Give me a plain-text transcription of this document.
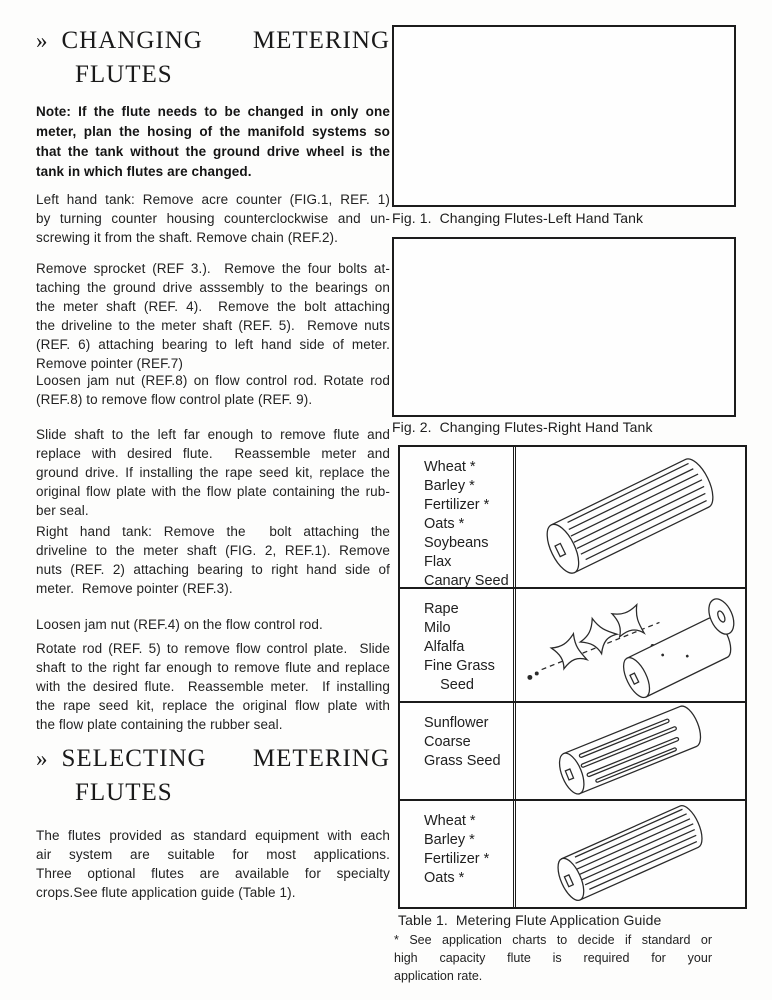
» CHANGING METERING
FLUTES
Note: If the flute needs to be changed in only one
meter, plan the hosing of the manifold systems so
that the tank without the ground drive wheel is the
tank in which flutes are changed.
Left hand tank: Remove acre counter (FIG.1, REF. 1)
by turning counter housing counterclockwise and un-
screwing it from the shaft. Remove chain (REF.2).
Remove sprocket (REF 3.).  Remove the four bolts at-
taching the ground drive asssembly to the bearings on
the meter shaft (REF. 4).  Remove the bolt attaching
the driveline to the meter shaft (REF. 5).  Remove nuts
(REF. 6) attaching bearing to left hand side of meter.
Remove pointer (REF.7)
Loosen jam nut (REF.8) on flow control rod. Rotate rod
(REF.8) to remove flow control plate (REF. 9).
Slide shaft to the left far enough to remove flute and
replace with desired flute.  Reassemble meter and
ground drive. If installing the rape seed kit, replace the
original flow plate with the flow plate containing the rub-
ber seal.
Right hand tank: Remove the  bolt attaching the
driveline to the meter shaft (FIG. 2, REF.1). Remove
nuts (REF. 2) attaching bearing to right hand side of
meter.  Remove pointer (REF.3).
Loosen jam nut (REF.4) on the flow control rod.
Rotate rod (REF. 5) to remove flow control plate.  Slide
shaft to the right far enough to remove flute and replace
with the desired flute.  Reassemble meter.  If installing
the rape seed kit, replace the original flow plate with
the flow plate containing the rubber seal.
» SELECTING METERING
FLUTES
The flutes provided as standard equipment with each
air system are suitable for most applications.
Three optional flutes are available for specialty
crops.See flute application guide (Table 1).
Fig. 1.  Changing Flutes-Left Hand Tank
Fig. 2.  Changing Flutes-Right Hand Tank
Wheat *
Barley *
Fertilizer *
Oats *
Soybeans
Flax
Canary Seed
Rape
Milo
Alfalfa
Fine Grass
Seed
Sunflower
Coarse
Grass Seed
Wheat *
Barley *
Fertilizer *
Oats *
Table 1.  Metering Flute Application Guide
* See application charts to decide if standard or
high capacity flute is required for your
application rate.
